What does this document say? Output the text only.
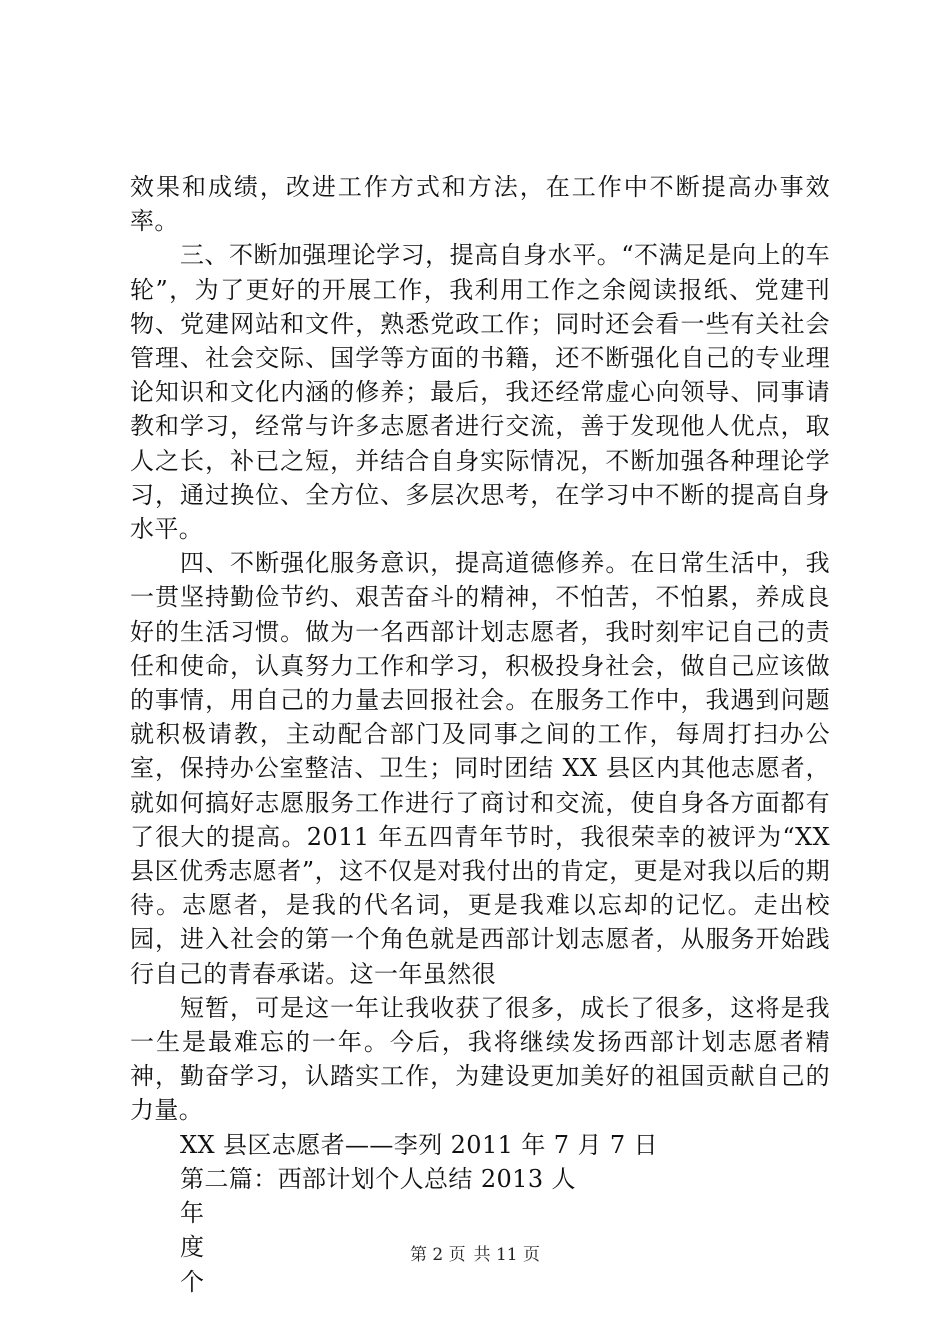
效果和成绩，改进工作方式和方法，在工作中不断提高办事效率。

三、不断加强理论学习，提高自身水平。“不满足是向上的车轮”，为了更好的开展工作，我利用工作之余阅读报纸、党建刊物、党建网站和文件，熟悉党政工作；同时还会看一些有关社会管理、社会交际、国学等方面的书籍，还不断强化自己的专业理论知识和文化内涵的修养；最后，我还经常虚心向领导、同事请教和学习，经常与许多志愿者进行交流，善于发现他人优点，取人之长，补已之短，并结合自身实际情况，不断加强各种理论学习，通过换位、全方位、多层次思考，在学习中不断的提高自身水平。

四、不断强化服务意识，提高道德修养。在日常生活中，我一贯坚持勤俭节约、艰苦奋斗的精神，不怕苦，不怕累，养成良好的生活习惯。做为一名西部计划志愿者，我时刻牢记自己的责任和使命，认真努力工作和学习，积极投身社会，做自己应该做的事情，用自己的力量去回报社会。在服务工作中，我遇到问题就积极请教，主动配合部门及同事之间的工作，每周打扫办公室，保持办公室整洁、卫生；同时团结 XX 县区内其他志愿者，就如何搞好志愿服务工作进行了商讨和交流，使自身各方面都有了很大的提高。2011 年五四青年节时，我很荣幸的被评为“XX 县区优秀志愿者”，这不仅是对我付出的肯定，更是对我以后的期待。志愿者，是我的代名词，更是我难以忘却的记忆。走出校园，进入社会的第一个角色就是西部计划志愿者，从服务开始践行自己的青春承诺。这一年虽然很

短暂，可是这一年让我收获了很多，成长了很多，这将是我一生是最难忘的一年。今后，我将继续发扬西部计划志愿者精神，勤奋学习，认踏实工作，为建设更加美好的祖国贡献自己的力量。

XX 县区志愿者——李列 2011 年 7 月 7 日

第二篇：西部计划个人总结 2013 人

年

度

个

第 2 页 共 11 页
